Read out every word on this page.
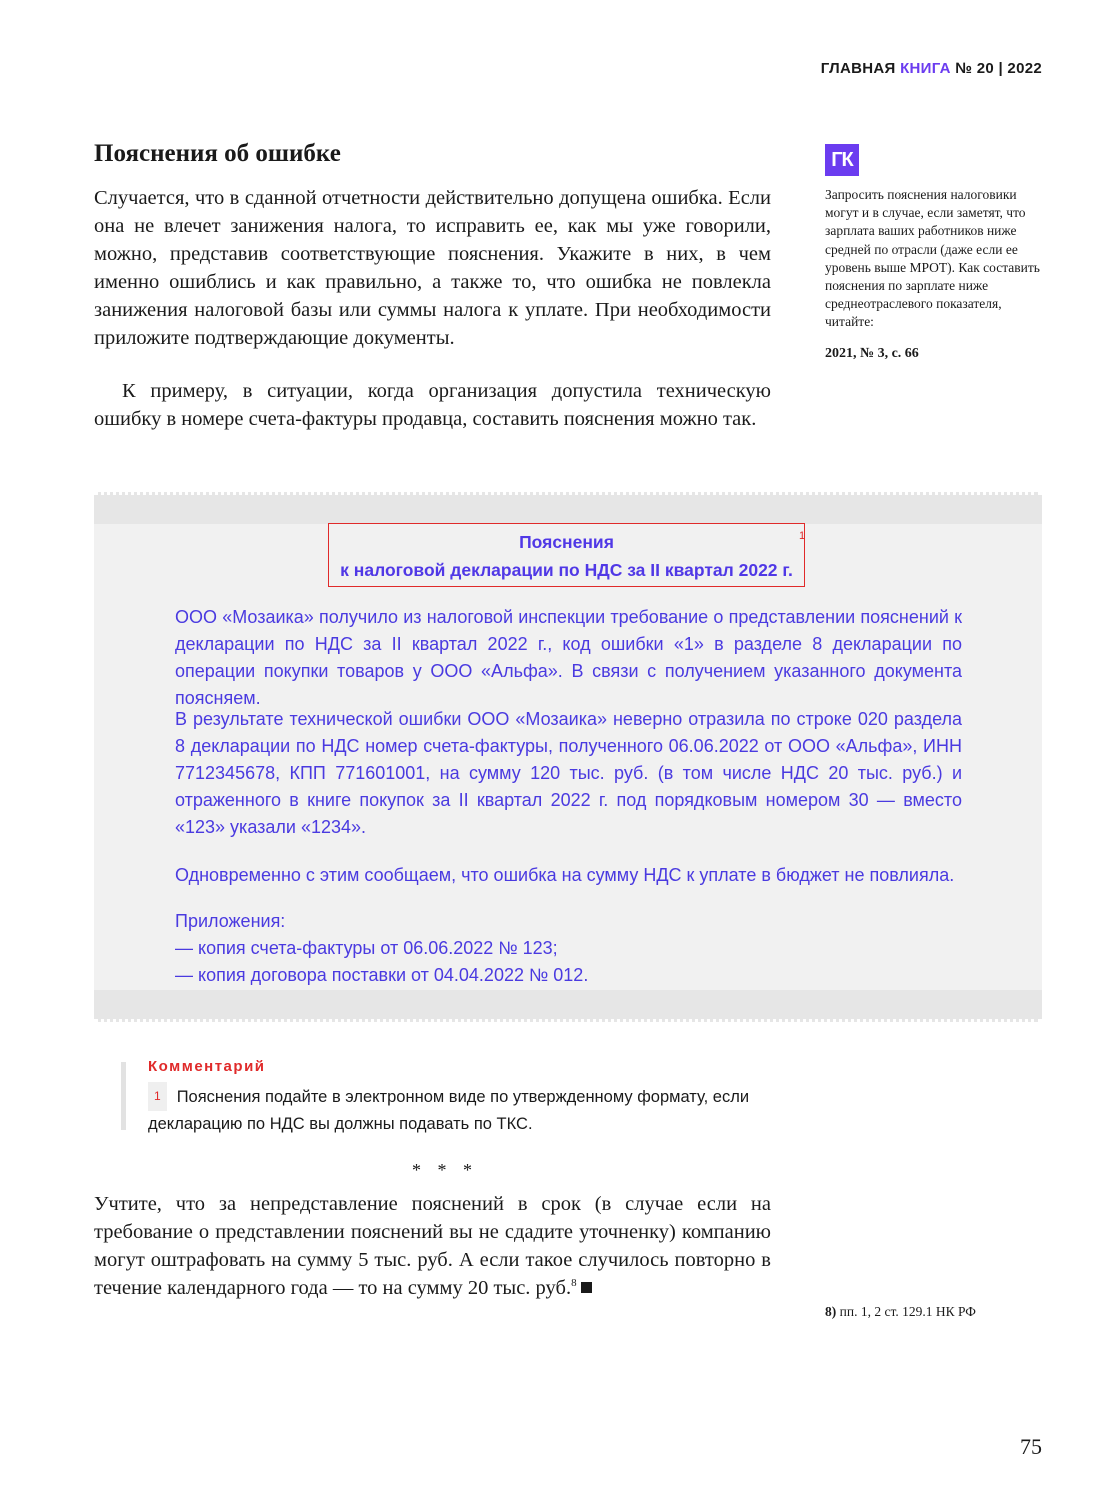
ГЛАВНАЯ КНИГА № 20 | 2022
Пояснения об ошибке

Случается, что в сданной отчетности действительно допущена ошибка. Если она не влечет занижения налога, то исправить ее, как мы уже говорили, можно, представив соответствующие пояснения. Укажите в них, в чем именно ошиблись и как правильно, а также то, что ошибка не повлекла занижения налоговой базы или суммы налога к уплате. При необходимости приложите подтверждающие документы.

К примеру, в ситуации, когда организация допустила техническую ошибку в номере счета-фактуры продавца, составить пояснения можно так.

ГК

Запросить пояснения налоговики могут и в случае, если заметят, что зарплата ваших работников ниже средней по отрасли (даже если ее уровень выше МРОТ). Как составить пояснения по зарплате ниже среднеотраслевого показателя, читайте:

2021, № 3, с. 66
Пояснения
к налоговой декларации по НДС за II квартал 2022 г.
1

ООО «Мозаика» получило из налоговой инспекции требование о представлении пояснений к декларации по НДС за II квартал 2022 г., код ошибки «1» в разделе 8 декларации по операции покупки товаров у ООО «Альфа». В связи с получением указанного документа поясняем.

В результате технической ошибки ООО «Мозаика» неверно отразила по строке 020 раздела 8 декларации по НДС номер счета-фактуры, полученного 06.06.2022 от ООО «Альфа», ИНН 7712345678, КПП 771601001, на сумму 120 тыс. руб. (в том числе НДС 20 тыс. руб.) и отраженного в книге покупок за II квартал 2022 г. под порядковым номером 30 — вместо «123» указали «1234».

Одновременно с этим сообщаем, что ошибка на сумму НДС к уплате в бюджет не повлияла.

Приложения:
— копия счета-фактуры от 06.06.2022 № 123;
— копия договора поставки от 04.04.2022 № 012.
Комментарий

1 Пояснения подайте в электронном виде по утвержденному формату, если декларацию по НДС вы должны подавать по ТКС.

* * *

Учтите, что за непредставление пояснений в срок (в случае если на требование о представлении пояснений вы не сдадите уточненку) компанию могут оштрафовать на сумму 5 тыс. руб. А если такое случилось повторно в течение календарного года — то на сумму 20 тыс. руб.$^8$

8) пп. 1, 2 ст. 129.1 НК РФ
75
